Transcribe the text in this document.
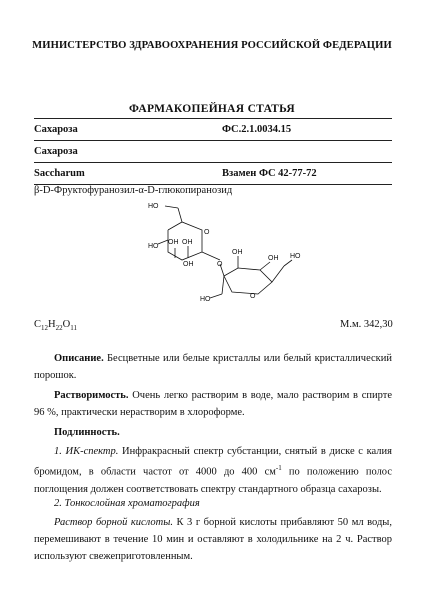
МИНИСТЕРСТВО ЗДРАВООХРАНЕНИЯ РОССИЙСКОЙ ФЕДЕРАЦИИ
ФАРМАКОПЕЙНАЯ СТАТЬЯ
Сахароза	ФС.2.1.0034.15
Сахароза	
Saccharum	Взамен ФС 42-77-72
β-D-Фруктофуранозил-α-D-глюкопиранозид
HO
OH OH
HO
OH
O
O
O
HO
OH
OH HO
$C_{12}H_{22}O_{11}$	М.м. 342,30
Описание. Бесцветные или белые кристаллы или белый кристаллический порошок.
Растворимость. Очень легко растворим в воде, мало растворим в спирте 96 %, практически нерастворим в хлороформе.
Подлинность.
1. ИК-спектр. Инфракрасный спектр субстанции, снятый в диске с калия бромидом, в области частот от 4000 до 400 $см^{-1}$ по положению полос поглощения должен соответствовать спектру стандартного образца сахарозы.
2. Тонкослойная хроматография
Раствор борной кислоты. К 3 г борной кислоты прибавляют 50 мл воды, перемешивают в течение 10 мин и оставляют в холодильнике на 2 ч. Раствор используют свежеприготовленным.
